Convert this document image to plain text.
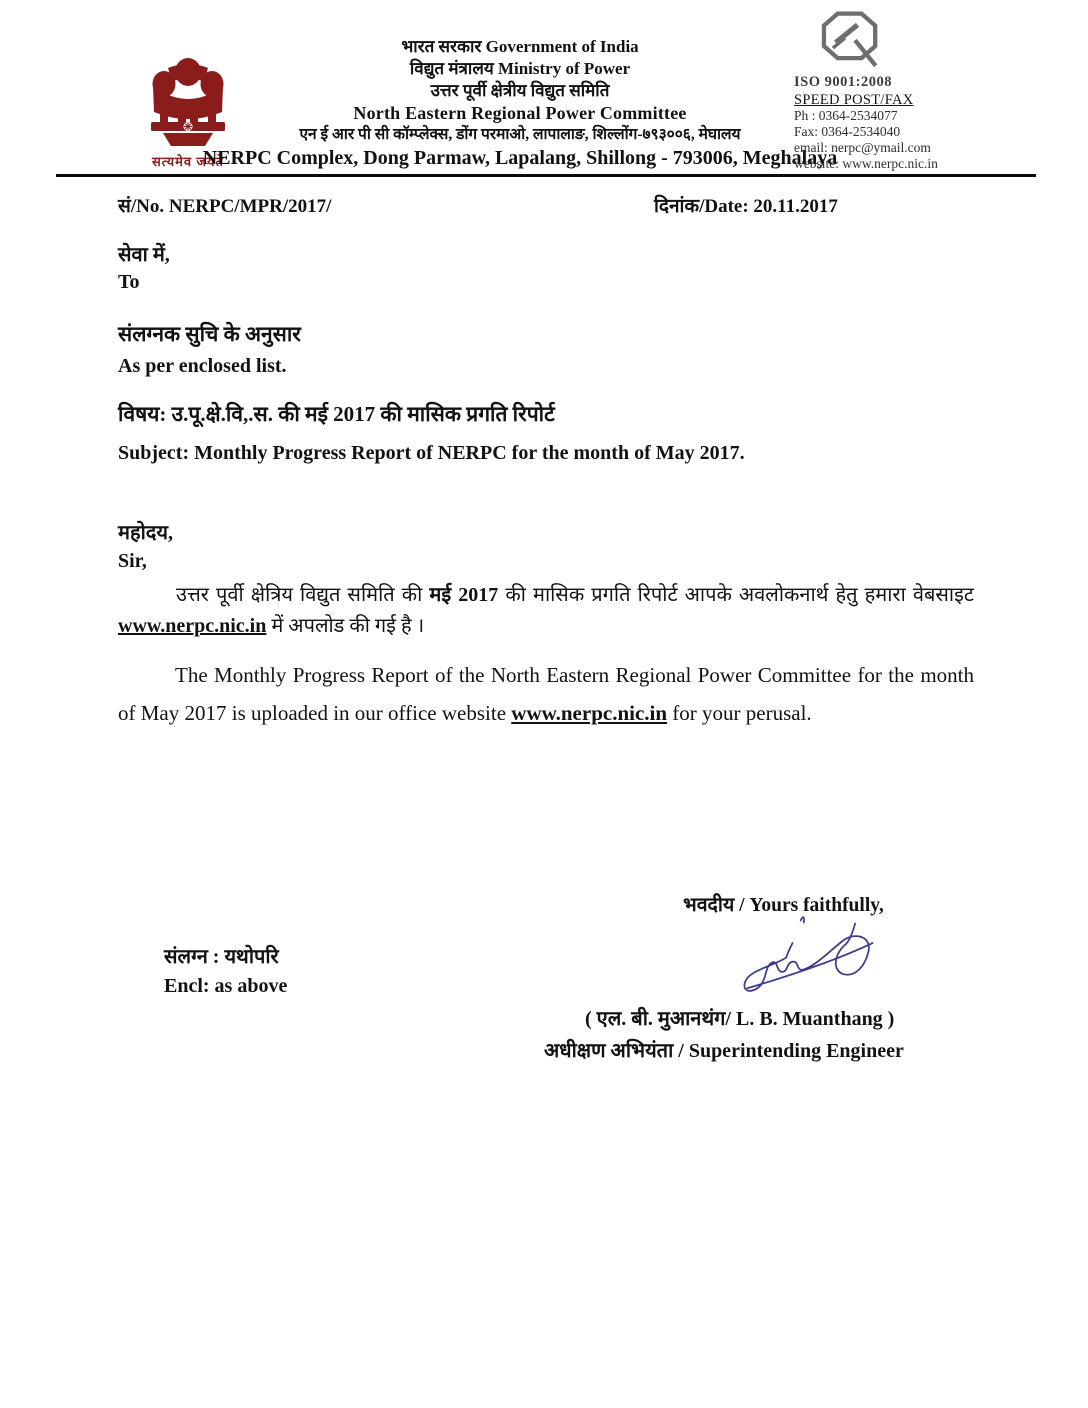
सत्यमेव जयते
भारत सरकार Government of India
विद्युत मंत्रालय Ministry of Power
उत्तर पूर्वी क्षेत्रीय विद्युत समिति
North Eastern Regional Power Committee
एन ई आर पी सी कॉम्प्लेक्स, डोंग परमाओ, लापालाङ, शिल्लोंग-७९३००६, मेघालय
NERPC Complex, Dong Parmaw, Lapalang, Shillong - 793006, Meghalaya
ISO 9001:2008
SPEED POST/FAX
Ph : 0364-2534077
Fax: 0364-2534040
email: nerpc@ymail.com
website: www.nerpc.nic.in
सं/No. NERPC/MPR/2017/	दिनांक/Date: 20.11.2017
सेवा में,
To
संलग्नक सुचि के अनुसार
As per enclosed list.
विषय: उ.पू.क्षे.वि,.स. की मई 2017 की मासिक प्रगति रिपोर्ट
Subject: Monthly Progress Report of NERPC for the month of May 2017.
महोदय,
Sir,
उत्तर पूर्वी क्षेत्रिय विद्युत समिति की मई 2017 की मासिक प्रगति रिपोर्ट आपके अवलोकनार्थ हेतु हमारा वेबसाइट www.nerpc.nic.in में अपलोड की गई है ।
The Monthly Progress Report of the North Eastern Regional Power Committee for the month of May 2017 is uploaded in our office website www.nerpc.nic.in for your perusal.
भवदीय / Yours faithfully,
संलग्न : यथोपरि
Encl: as above
( एल. बी. मुआनथंग/ L. B. Muanthang )
अधीक्षण अभियंता / Superintending Engineer
